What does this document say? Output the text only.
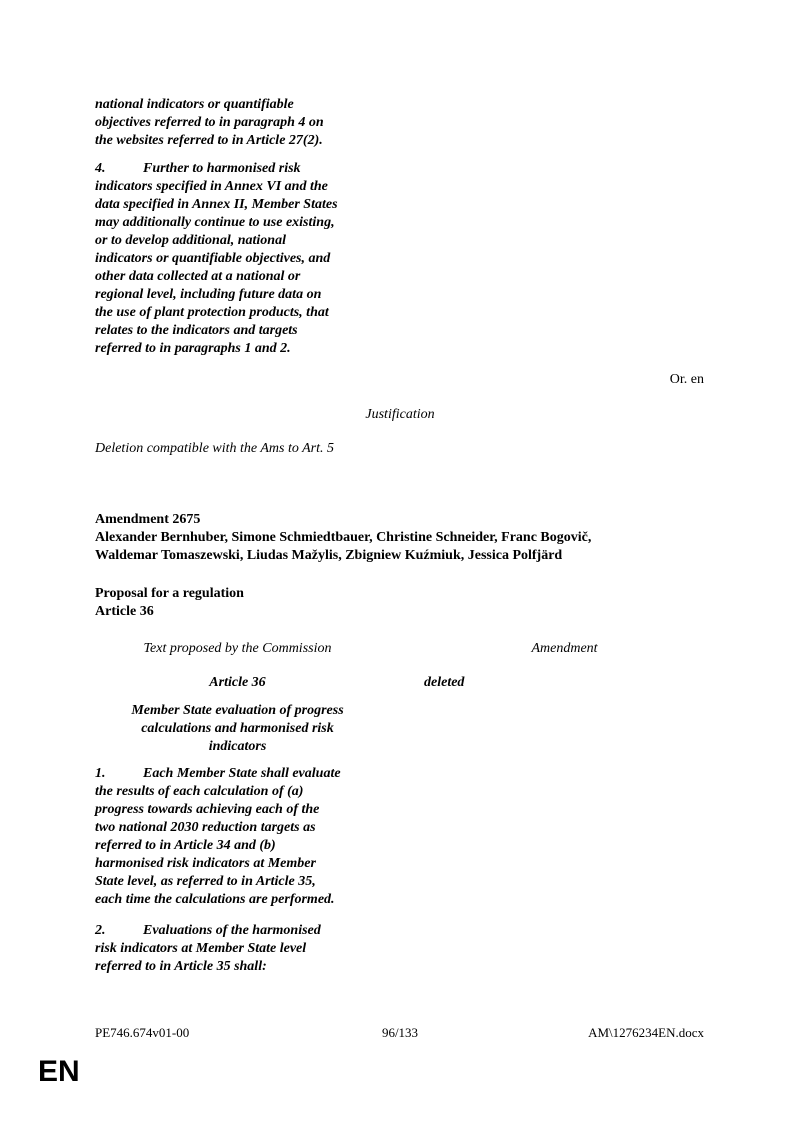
national indicators or quantifiable

objectives referred to in paragraph 4 on

the websites referred to in Article 27(2).

4.	Further to harmonised risk

indicators specified in Annex VI and the

data specified in Annex II, Member States

may additionally continue to use existing,

or to develop additional, national

indicators or quantifiable objectives, and

other data collected at a national or

regional level, including future data on

the use of plant protection products, that

relates to the indicators and targets

referred to in paragraphs 1 and 2.

Or. en
Justification
Deletion compatible with the Ams to Art. 5
Amendment 2675
Alexander Bernhuber, Simone Schmiedtbauer, Christine Schneider, Franc Bogovič,
Waldemar Tomaszewski, Liudas Mažylis, Zbigniew Kuźmiuk, Jessica Polfjärd
Proposal for a regulation
Article 36
Text proposed by the Commission	Amendment
Article 36	deleted
Member State evaluation of progress
calculations and harmonised risk
indicators

1.	Each Member State shall evaluate

the results of each calculation of (a)

progress towards achieving each of the

two national 2030 reduction targets as

referred to in Article 34 and (b)

harmonised risk indicators at Member

State level, as referred to in Article 35,

each time the calculations are performed.

2.	Evaluations of the harmonised

risk indicators at Member State level

referred to in Article 35 shall:

PE746.674v01-00	96/133	AM\1276234EN.docx
EN
